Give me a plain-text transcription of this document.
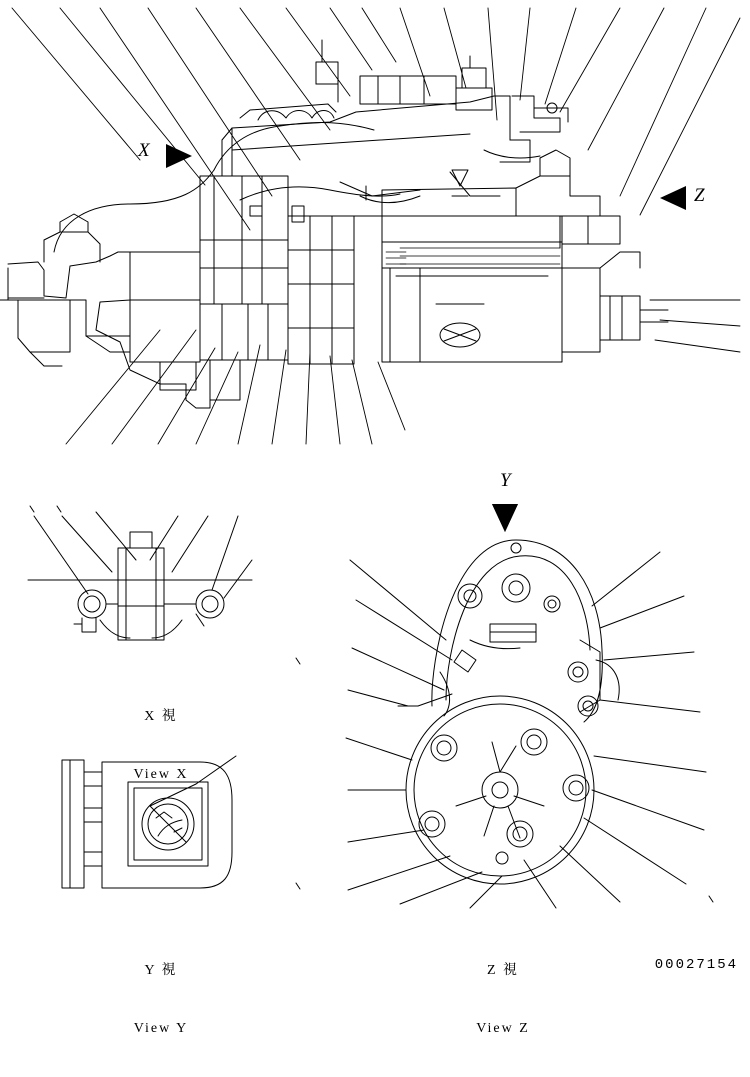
X
Z
Y

X 視

View X

Y 視

View Y

Z 視

View Z

00027154
